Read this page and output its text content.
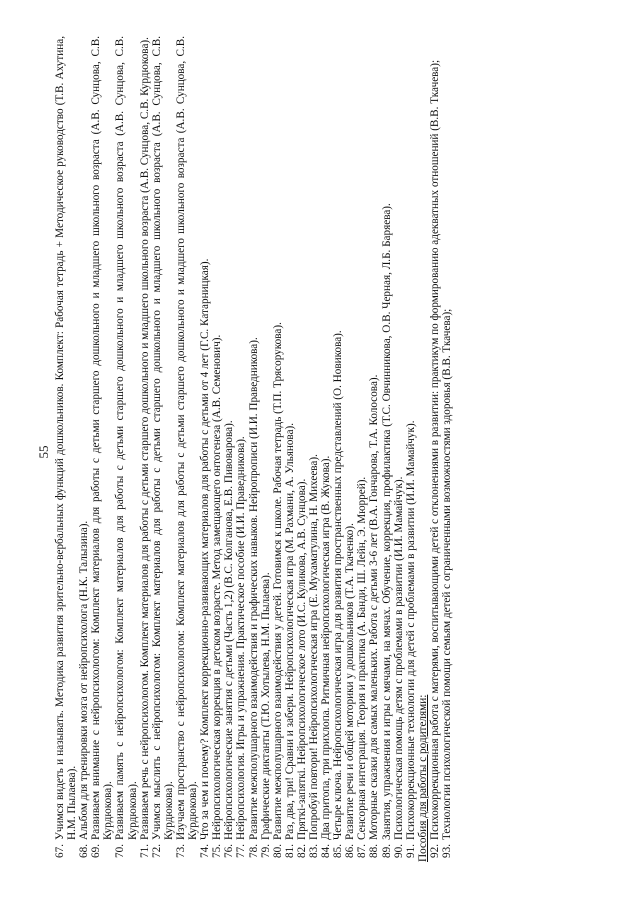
55
67.
Учимся видеть и называть. Методика развития зрительно-вербальных функций дошкольников. Комплект: Рабочая тетрадь + Методическое руководство (Т.В. Ахутина, Н.М. Пылаева).
68.
Альбом для тренировки мозга от нейропсихолога (Н.К. Талызина).
69.
Развиваем внимание с нейропсихологом: Комплект материалов для работы с детьми старшего дошкольного и младшего школьного возраста (А.В. Сунцова, С.В. Курдюкова).
70.
Развиваем память с нейропсихологом: Комплект материалов для работы с детьми старшего дошкольного и младшего школьного возраста (А.В. Сунцова, С.В. Курдюкова).
71.
Развиваем речь с нейропсихологом. Комплект материалов для работы с детьми старшего дошкольного и младшего школьного возраста (А.В. Сунцова, С.В. Курдюкова).
72.
Учимся мыслить с нейропсихологом: Комплект материалов для работы с детьми старшего дошкольного и младшего школьного возраста (А.В. Сунцова, С.В. Курдюкова).
73.
Изучаем пространство с нейропсихологом: Комплект материалов для работы с детьми старшего дошкольного и младшего школьного возраста (А.В. Сунцова, С.В. Курдюкова).
74.
Что за чем и почему? Комплект коррекционно-развивающих материалов для работы с детьми от 4 лет (Г.С. Катарницкая).
75.
Нейропсихологическая коррекция в детском возрасте. Метод замещающего онтогенеза (А.В. Семенович).
76.
Нейропсихологические занятия с детьми (Часть 1,2) (В.С. Колганова, Е.В. Пивоварова).
77.
Нейропсихология. Игры и упражнения. Практическое пособие (И.И. Праведникова).
78.
Развитие межполушарного взаимодействия и графических навыков. Нейропрописи (И.И. Праведникова).
79.
Графические диктанты (Т.Ю. Хотылева, Н.М. Пылаева).
80.
Развитие межполушарного взаимодействия у детей. Готовимся к школе. Рабочая тетрадь (Т.П. Трясорукова).
81.
Раз, два, три! Сравни и забери. Нейропсихологическая игра (М. Рахмани, А. Ульянова).
82.
Пряткі-запяткі. Нейропсихологическое лото (И.С. Куликова, А.В. Сунцова).
83.
Попробуй повтори! Нейропсихологическая игра (Е. Мухаматулина, Н. Михеева).
84.
Два притопа, три прихлопа. Ритмичная нейропсихологическая игра (В. Жукова).
85.
Четыре ключа. Нейропсихологическая игра для развития пространственных представлений (О. Новикова).
86.
Развитие речи и общей моторики у дошкольников (Т.А. Ткаченко).
87.
Сенсорная интеграция. Теория и практика (А. Банди, Ш. Лейн, Э. Мюррей).
88.
Моторные сказки для самых маленьких. Работа с детьми 3-6 лет (В.А. Гончарова, Т.А. Колосова).
89.
Занятия, упражнения и игры с мячами, на мячах. Обучение, коррекция, профилактика (Т.С. Овчинникова, О.В. Черная, Л.Б. Баряева).
90.
Психологическая помощь детям с проблемами в развитии (И.И. Мамайчук).
91.
Психокоррекционные технологии для детей с проблемами в развитии (И.И. Мамайчук). Пособия для работы с родителями: 92.
Психокоррекционная работа с матерями, воспитывающими детей с отклонениями в развитии: практикум по формированию адекватных отношений (В.В. Ткачева);
93.
Технологии психологической помощи семьям детей с ограниченными возможностями здоровья (В.В. Ткачева);
